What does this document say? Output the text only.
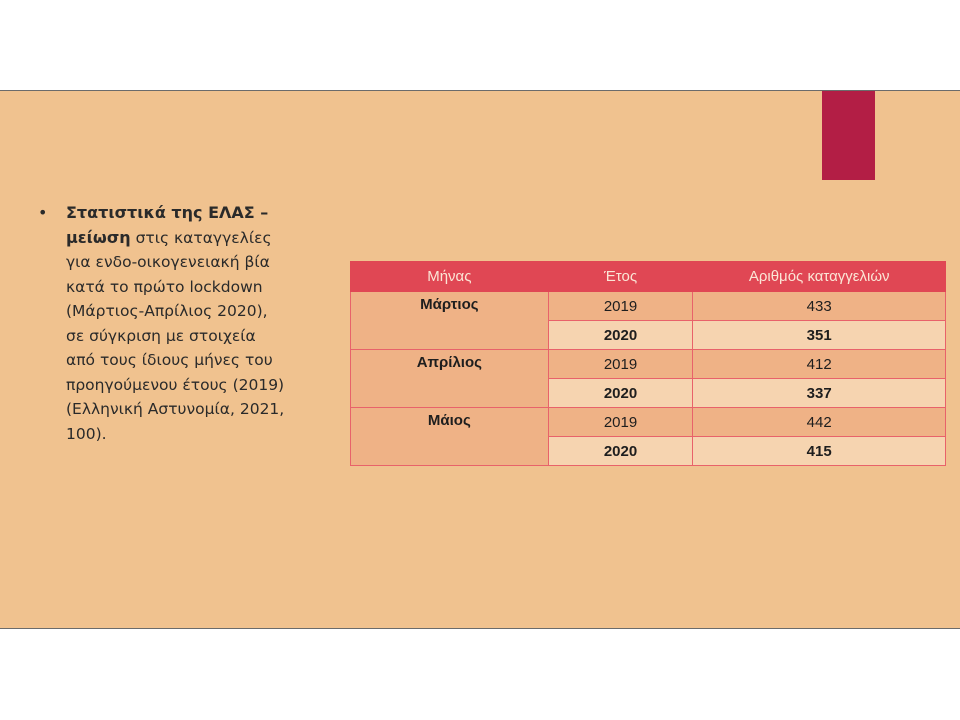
• Στατιστικά της ΕΛΑΣ – μείωση στις καταγγελίες για ενδο-οικογενειακή βία κατά το πρώτο lockdown (Μάρτιος-Απρίλιος 2020), σε σύγκριση με στοιχεία από τους ίδιους μήνες του προηγούμενου έτους (2019) (Ελληνική Αστυνομία, 2021, 100).
Μήνας	Έτος	Αριθμός καταγγελιών
Μάρτιος	2019	433
	2020	351
Απρίλιος	2019	412
	2020	337
Μάιος	2019	442
	2020	415
